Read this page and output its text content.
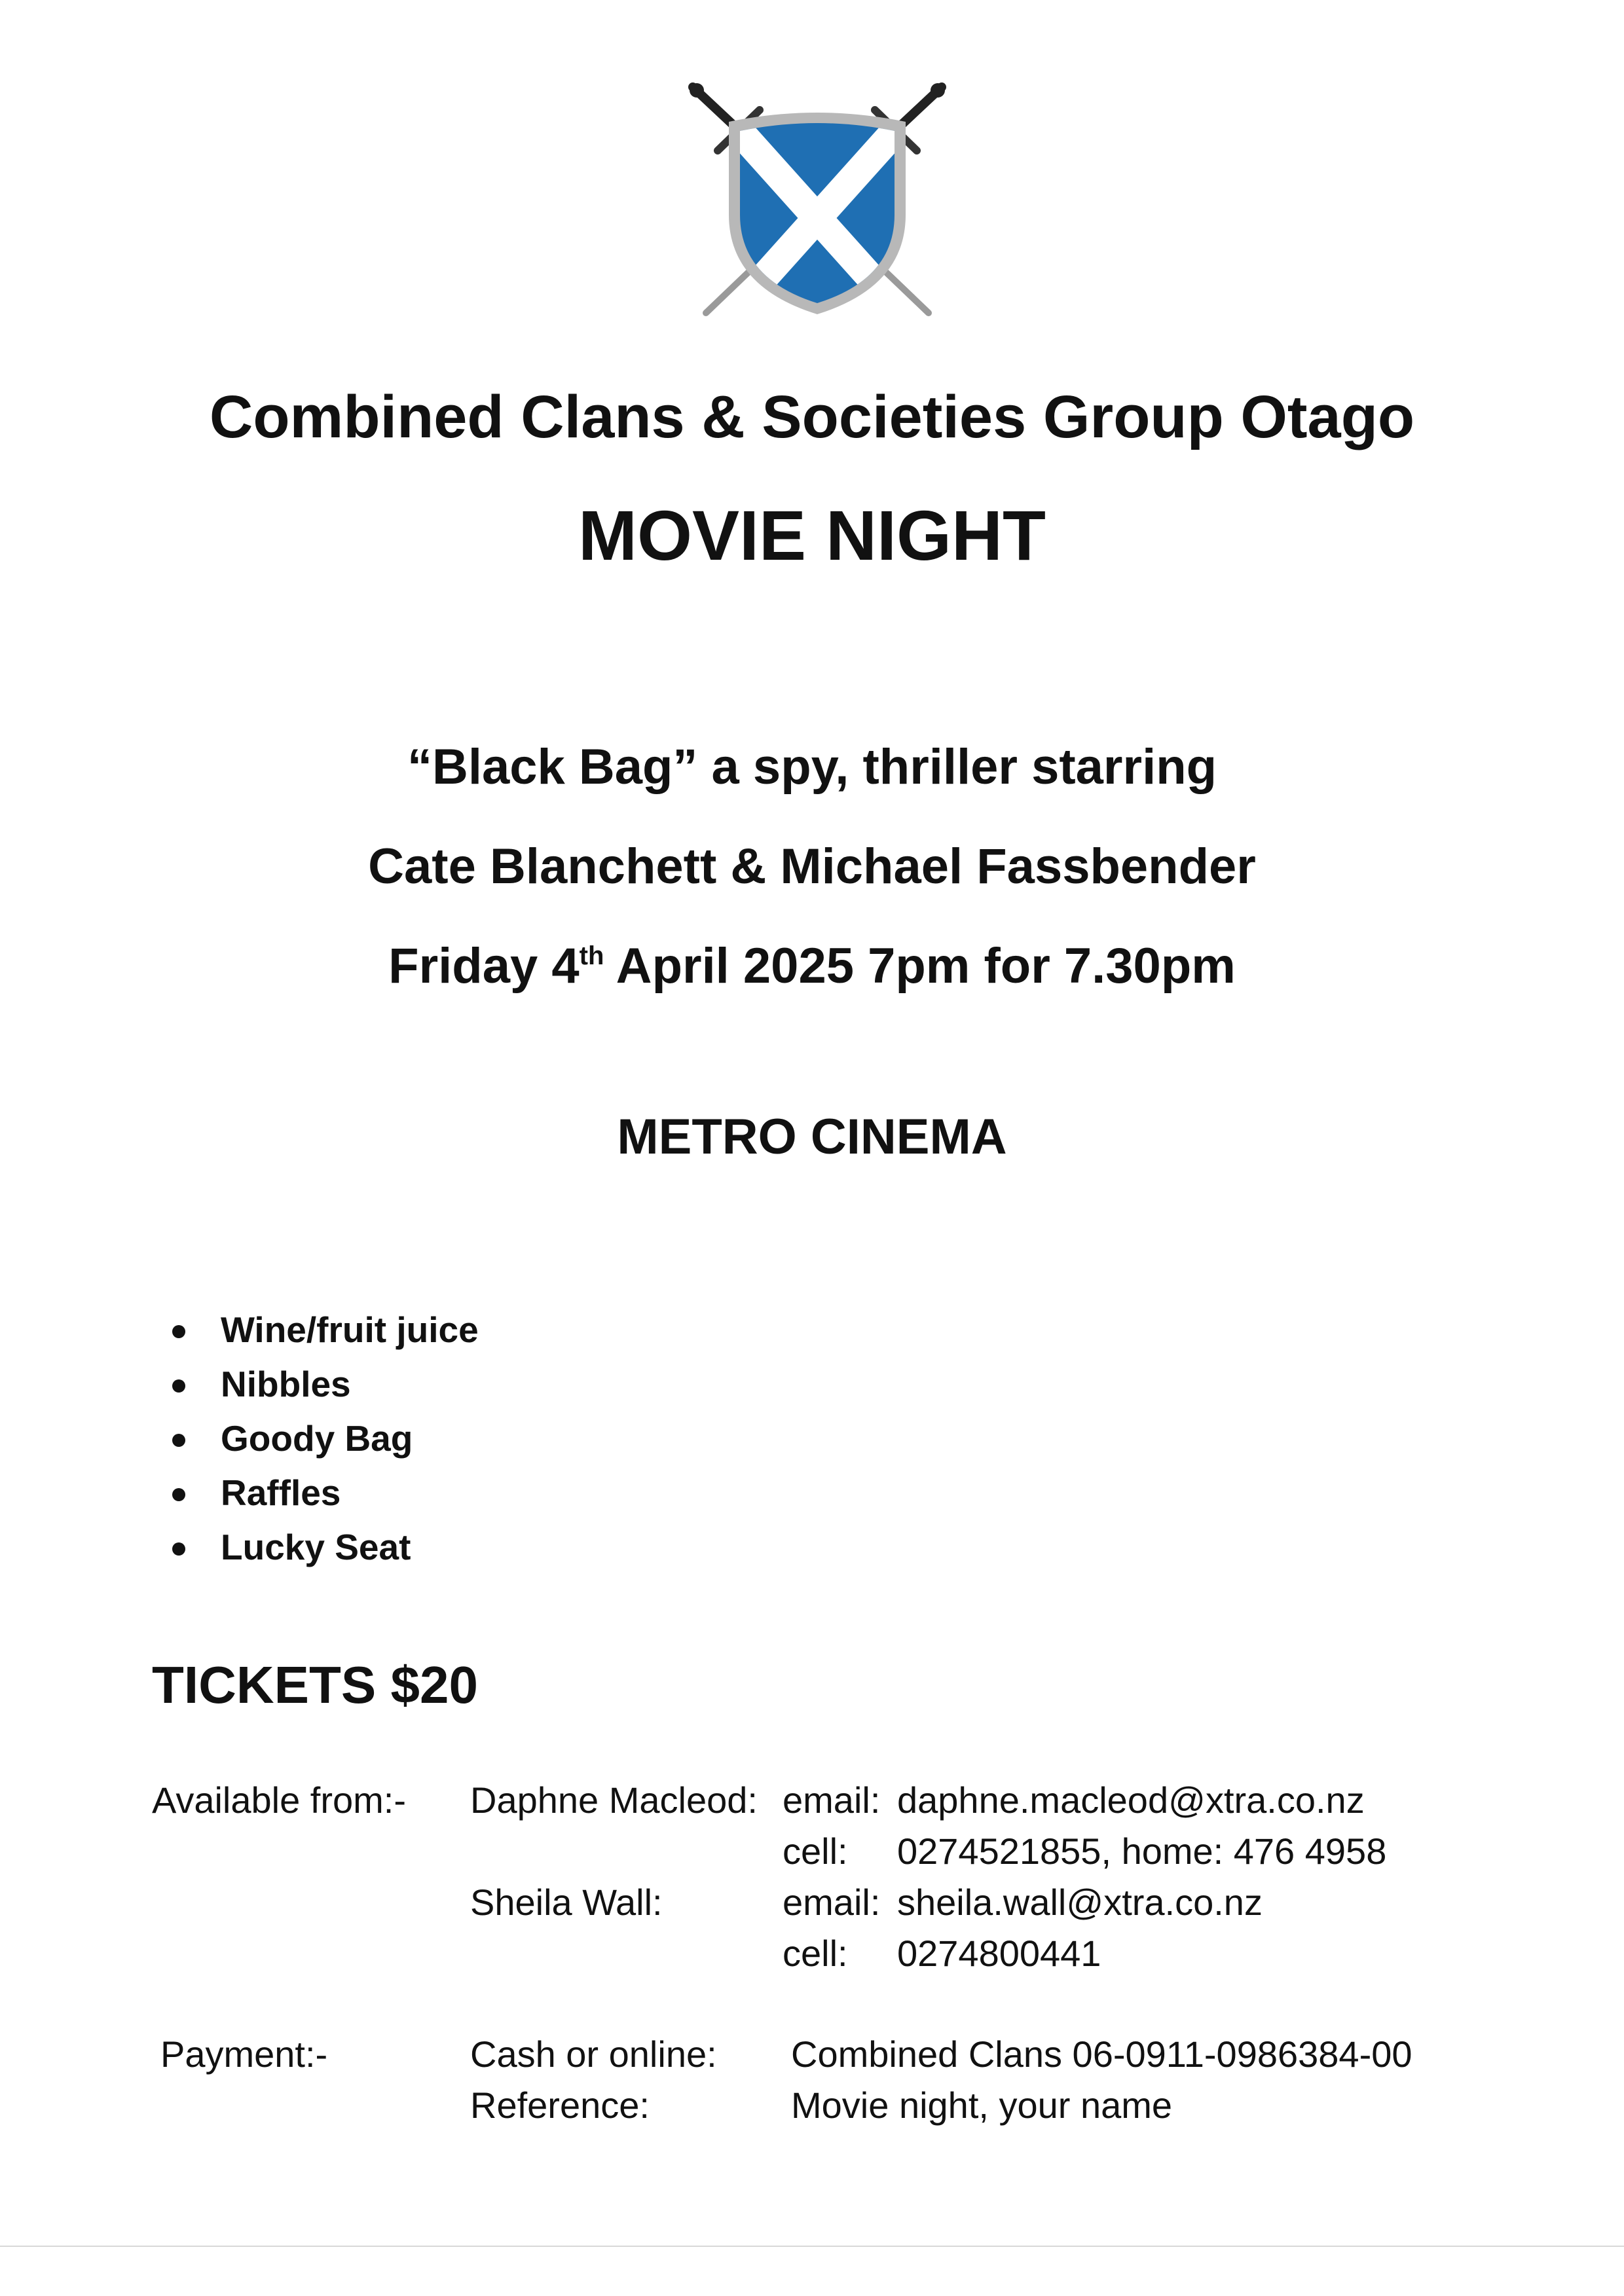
Combined Clans & Societies Group Otago
MOVIE NIGHT
“Black Bag” a spy, thriller starring
Cate Blanchett & Michael Fassbender
Friday 4th April 2025 7pm for 7.30pm
METRO CINEMA
Wine/fruit juice
Nibbles
Goody Bag
Raffles
Lucky Seat
TICKETS $20
Available from:- Daphne Macleod: email: daphne.macleod@xtra.co.nz
cell: 0274521855, home: 476 4958
Sheila Wall:	email: sheila.wall@xtra.co.nz
cell: 0274800441
Payment:-	Cash or online: Combined Clans 06-0911-0986384-00
Reference:	Movie night, your name
